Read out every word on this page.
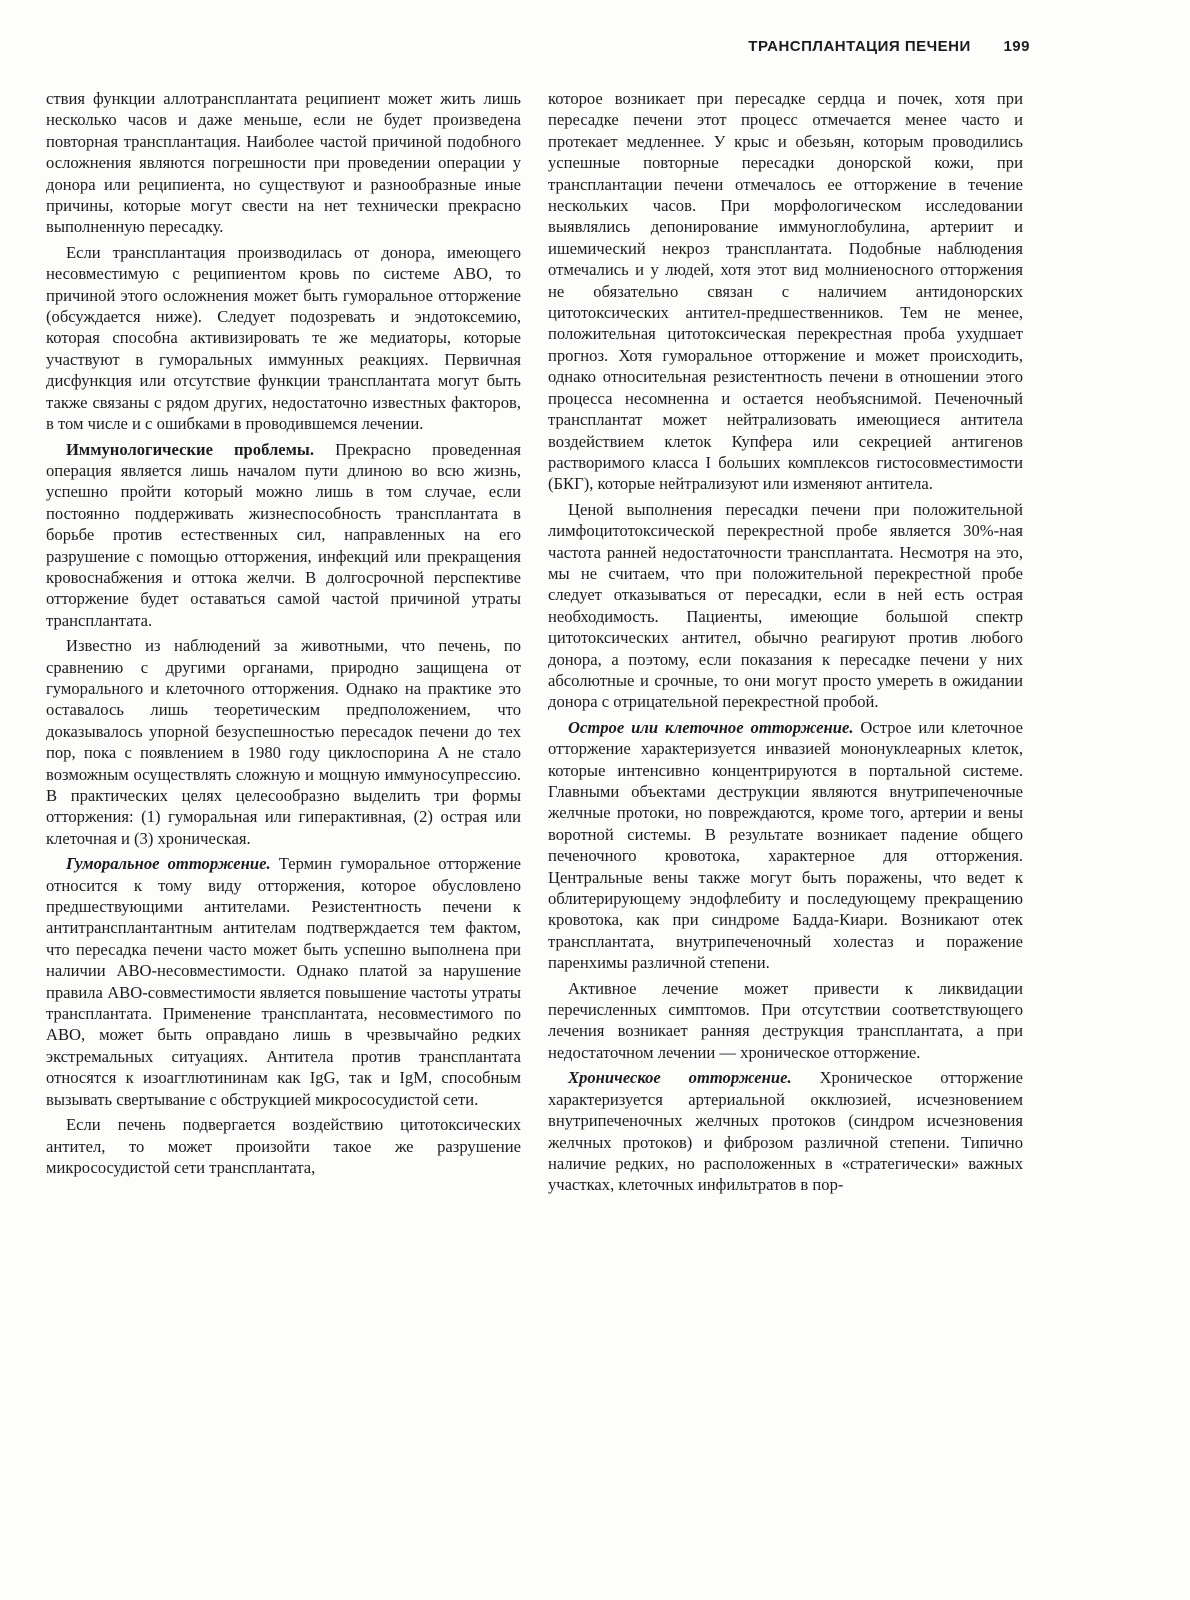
ТРАНСПЛАНТАЦИЯ ПЕЧЕНИ 199

ствия функции аллотрансплантата реципиент может жить лишь несколько часов и даже меньше, если не будет произведена повторная трансплантация. Наиболее частой причиной подобного осложнения являются погрешности при проведении операции у донора или реципиента, но существуют и разнообразные иные причины, которые могут свести на нет технически прекрасно выполненную пересадку.

Если трансплантация производилась от донора, имеющего несовместимую с реципиентом кровь по системе АВО, то причиной этого осложнения может быть гуморальное отторжение (обсуждается ниже). Следует подозревать и эндотоксемию, которая способна активизировать те же медиаторы, которые участвуют в гуморальных иммунных реакциях. Первичная дисфункция или отсутствие функции трансплантата могут быть также связаны с рядом других, недостаточно известных факторов, в том числе и с ошибками в проводившемся лечении.

Иммунологические проблемы. Прекрасно проведенная операция является лишь началом пути длиною во всю жизнь, успешно пройти который можно лишь в том случае, если постоянно поддерживать жизнеспособность трансплантата в борьбе против естественных сил, направленных на его разрушение с помощью отторжения, инфекций или прекращения кровоснабжения и оттока желчи. В долгосрочной перспективе отторжение будет оставаться самой частой причиной утраты трансплантата.

Известно из наблюдений за животными, что печень, по сравнению с другими органами, природно защищена от гуморального и клеточного отторжения. Однако на практике это оставалось лишь теоретическим предположением, что доказывалось упорной безуспешностью пересадок печени до тех пор, пока с появлением в 1980 году циклоспорина А не стало возможным осуществлять сложную и мощную иммуносупрессию. В практических целях целесообразно выделить три формы отторжения: (1) гуморальная или гиперактивная, (2) острая или клеточная и (3) хроническая.

Гуморальное отторжение. Термин гуморальное отторжение относится к тому виду отторжения, которое обусловлено предшествующими антителами. Резистентность печени к антитрансплантантным антителам подтверждается тем фактом, что пересадка печени часто может быть успешно выполнена при наличии АВО-несовместимости. Однако платой за нарушение правила АВО-совместимости является повышение частоты утраты трансплантата. Применение трансплантата, несовместимого по АВО, может быть оправдано лишь в чрезвычайно редких экстремальных ситуациях. Антитела против трансплантата относятся к изоагглютининам как IgG, так и IgM, способным вызывать свертывание с обструкцией микрососудистой сети.

Если печень подвергается воздействию цитотоксических антител, то может произойти такое же разрушение микрососудистой сети трансплантата,

которое возникает при пересадке сердца и почек, хотя при пересадке печени этот процесс отмечается менее часто и протекает медленнее. У крыс и обезьян, которым проводились успешные повторные пересадки донорской кожи, при трансплантации печени отмечалось ее отторжение в течение нескольких часов. При морфологическом исследовании выявлялись депонирование иммуноглобулина, артериит и ишемический некроз трансплантата. Подобные наблюдения отмечались и у людей, хотя этот вид молниеносного отторжения не обязательно связан с наличием антидонорских цитотоксических антител-предшественников. Тем не менее, положительная цитотоксическая перекрестная проба ухудшает прогноз. Хотя гуморальное отторжение и может происходить, однако относительная резистентность печени в отношении этого процесса несомненна и остается необъяснимой. Печеночный трансплантат может нейтрализовать имеющиеся антитела воздействием клеток Купфера или секрецией антигенов растворимого класса I больших комплексов гистосовместимости (БКГ), которые нейтрализуют или изменяют антитела.

Ценой выполнения пересадки печени при положительной лимфоцитотоксической перекрестной пробе является 30%-ная частота ранней недостаточности трансплантата. Несмотря на это, мы не считаем, что при положительной перекрестной пробе следует отказываться от пересадки, если в ней есть острая необходимость. Пациенты, имеющие большой спектр цитотоксических антител, обычно реагируют против любого донора, а поэтому, если показания к пересадке печени у них абсолютные и срочные, то они могут просто умереть в ожидании донора с отрицательной перекрестной пробой.

Острое или клеточное отторжение. Острое или клеточное отторжение характеризуется инвазией мононуклеарных клеток, которые интенсивно концентрируются в портальной системе. Главными объектами деструкции являются внутрипеченочные желчные протоки, но повреждаются, кроме того, артерии и вены воротной системы. В результате возникает падение общего печеночного кровотока, характерное для отторжения. Центральные вены также могут быть поражены, что ведет к облитерирующему эндофлебиту и последующему прекращению кровотока, как при синдроме Бадда-Киари. Возникают отек трансплантата, внутрипеченочный холестаз и поражение паренхимы различной степени.

Активное лечение может привести к ликвидации перечисленных симптомов. При отсутствии соответствующего лечения возникает ранняя деструкция трансплантата, а при недостаточном лечении — хроническое отторжение.

Хроническое отторжение. Хроническое отторжение характеризуется артериальной окклюзией, исчезновением внутрипеченочных желчных протоков (синдром исчезновения желчных протоков) и фиброзом различной степени. Типично наличие редких, но расположенных в «стратегически» важных участках, клеточных инфильтратов в пор-
